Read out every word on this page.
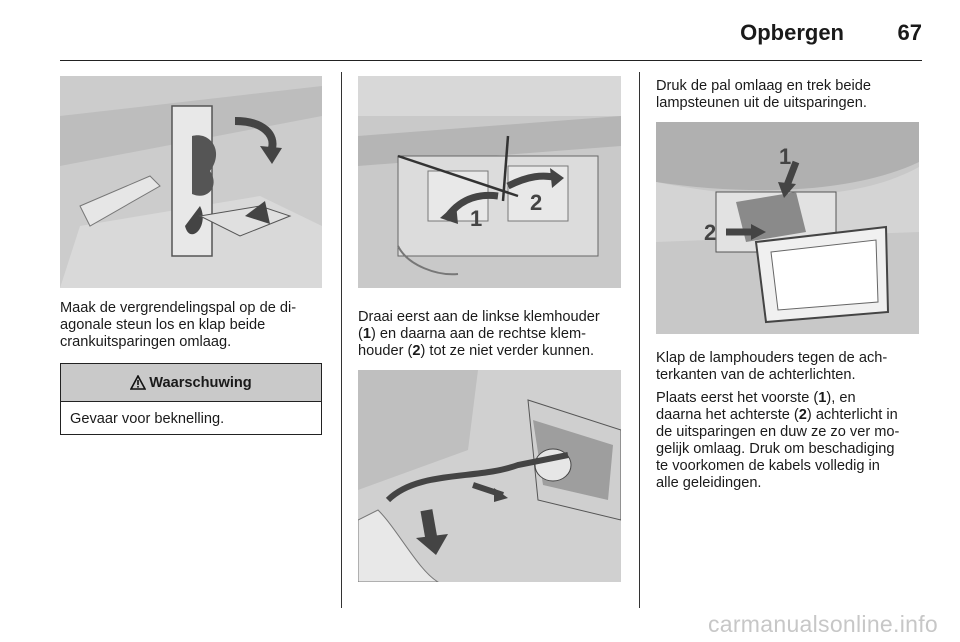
Opbergen 67
Maak de vergrendelingspal op de di-
agonale steun los en klap beide
crankuitsparingen omlaag.
Waarschuwing
Gevaar voor beknelling.
1
2
Draai eerst aan de linkse klemhouder
(1) en daarna aan de rechtse klem-
houder (2) tot ze niet verder kunnen.
Druk de pal omlaag en trek beide
lampsteunen uit de uitsparingen.
1
2
Klap de lamphouders tegen de ach-
terkanten van de achterlichten.
Plaats eerst het voorste (1), en
daarna het achterste (2) achterlicht in
de uitsparingen en duw ze zo ver mo-
gelijk omlaag. Druk om beschadiging
te voorkomen de kabels volledig in
alle geleidingen.
carmanualsonline.info
